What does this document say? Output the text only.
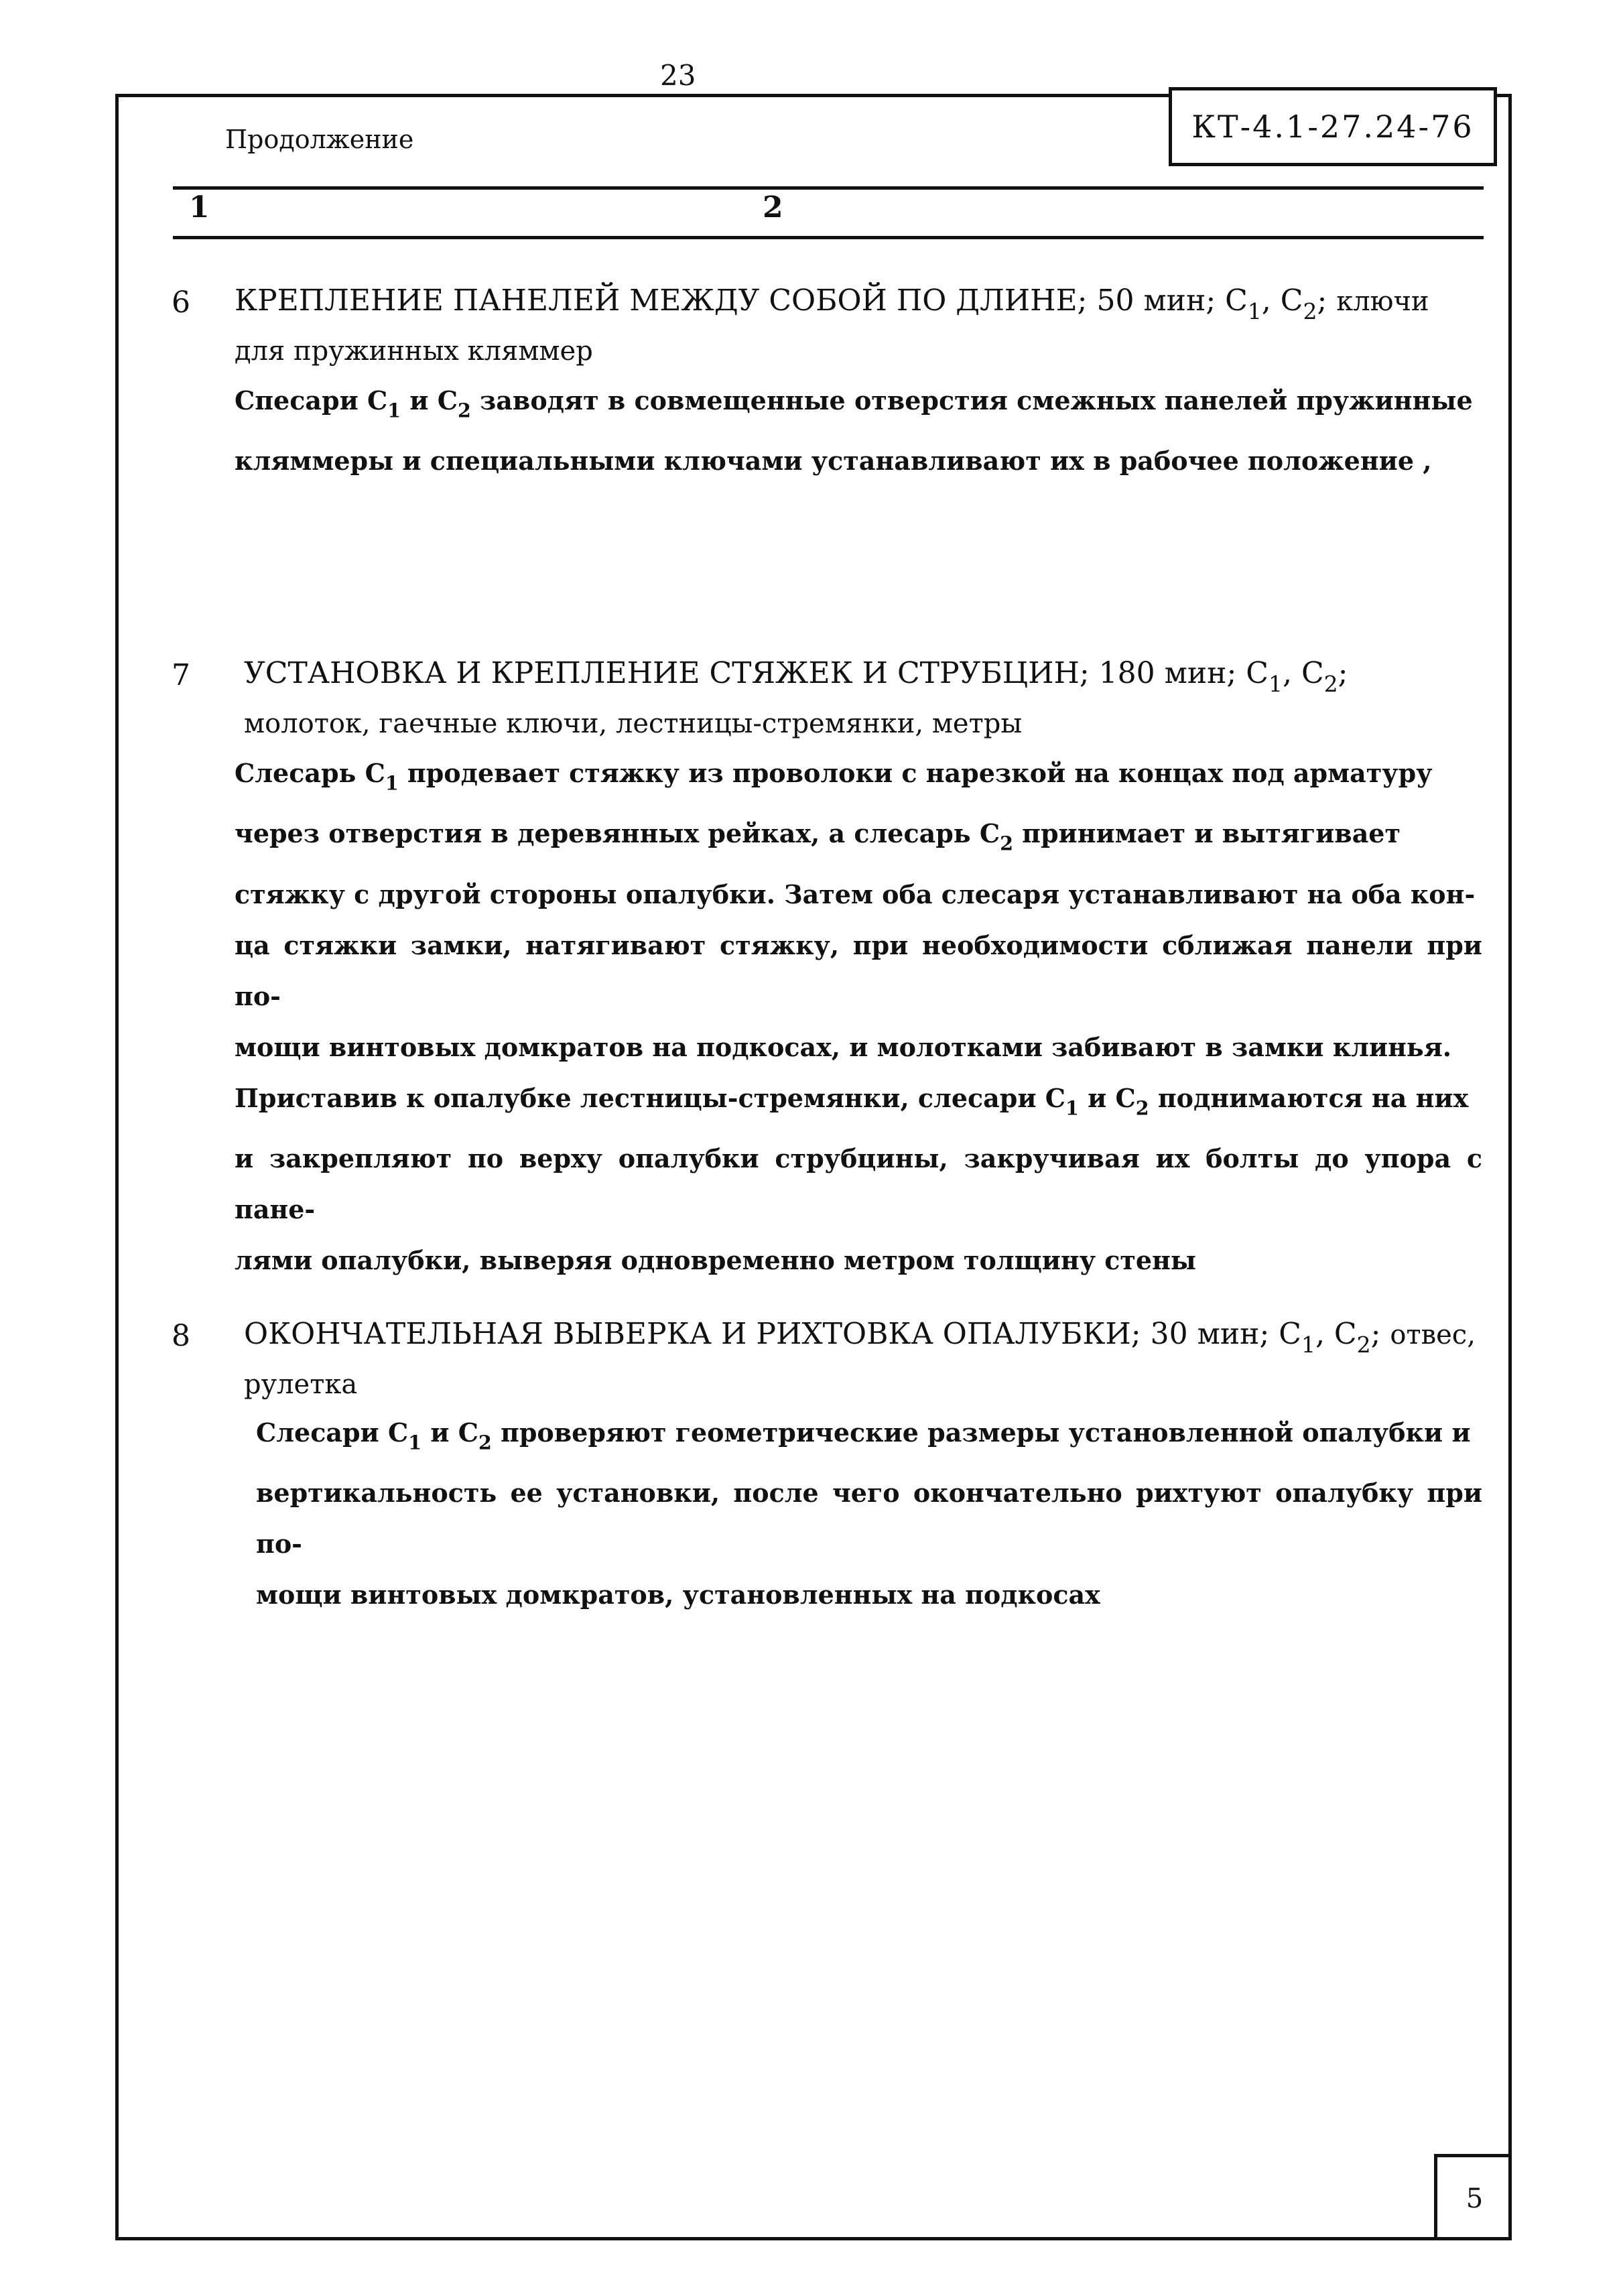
23
Продолжение	КТ-4.1-27.24-76
1	2
6 КРЕПЛЕНИЕ ПАНЕЛЕЙ МЕЖДУ СОБОЙ ПО ДЛИНЕ; 50 мин; $С_1$, $С_2$; ключи для пружинных кляммер
Спесари $С_1$ и $С_2$ заводят в совмещенные отверстия смежных панелей пружинные
кляммеры и специальными ключами устанавливают их в рабочее положение ,
7 УСТАНОВКА И КРЕПЛЕНИЕ СТЯЖЕК И СТРУБЦИН; 180 мин; $С_1$, $С_2$; молоток, гаечные ключи, лестницы-стремянки, метры
Слесарь $С_1$ продевает стяжку из проволоки с нарезкой на концах под арматуру
через отверстия в деревянных рейках, а слесарь $С_2$ принимает и вытягивает
стяжку с другой стороны опалубки. Затем оба слесаря устанавливают на оба кон-
ца стяжки замки, натягивают стяжку, при необходимости сближая панели при по-
мощи винтовых домкратов на подкосах, и молотками забивают в замки клинья.
Приставив к опалубке лестницы-стремянки, слесари $С_1$ и $С_2$ поднимаются на них
и закрепляют по верху опалубки струбцины, закручивая их болты до упора с пане-
лями опалубки, выверяя одновременно метром толщину стены
8 ОКОНЧАТЕЛЬНАЯ ВЫВЕРКА И РИХТОВКА ОПАЛУБКИ; 30 мин; $С_1$, $С_2$; отвес, рулетка
Слесари $С_1$ и $С_2$ проверяют геометрические размеры установленной опалубки и
вертикальность ее установки, после чего окончательно рихтуют опалубку при по-
мощи винтовых домкратов, установленных на подкосах
5
